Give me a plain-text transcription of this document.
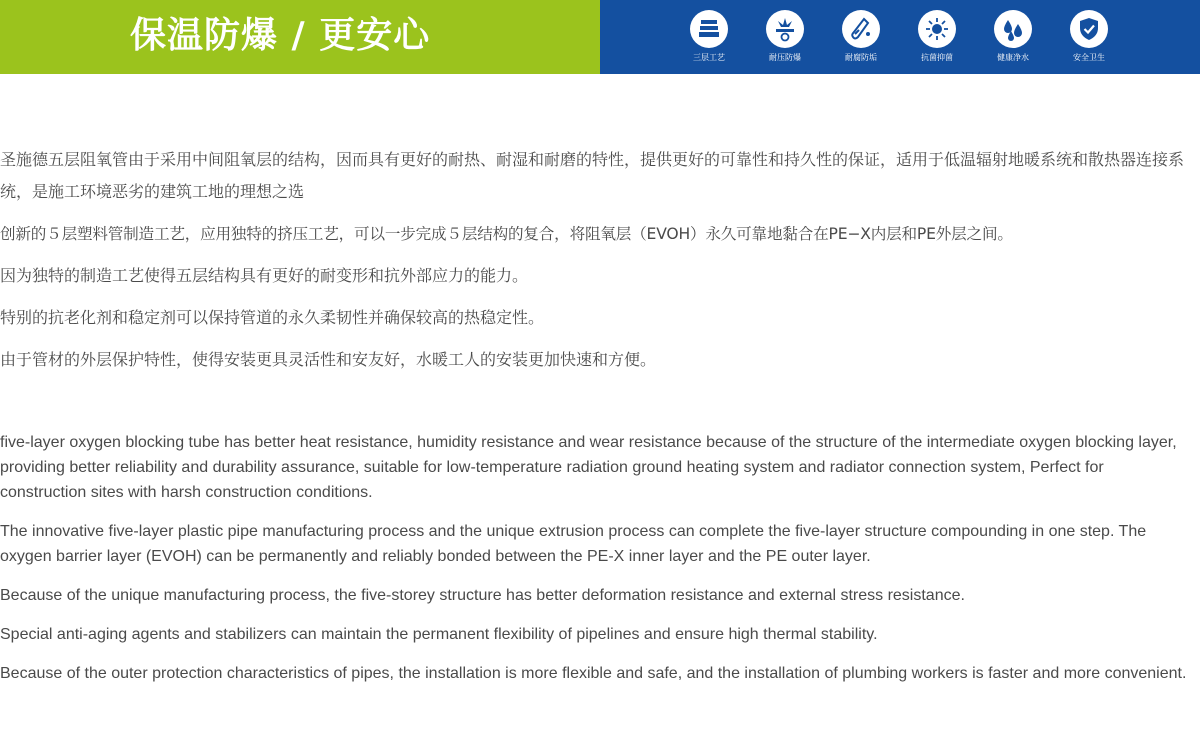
保温防爆 / 更安心
三层工艺	耐压防爆	耐腐防垢	抗菌抑菌	健康净水	安全卫生

圣施德五层阻氧管由于采用中间阻氧层的结构，因而具有更好的耐热、耐湿和耐磨的特性，提供更好的可靠性和持久性的保证，适用于低温辐射地暖系统和散热器连接系统，是施工环境恶劣的建筑工地的理想之选

创新的５层塑料管制造工艺，应用独特的挤压工艺，可以一步完成５层结构的复合，将阻氧层（EVOH）永久可靠地黏合在PE−X内层和PE外层之间。

因为独特的制造工艺使得五层结构具有更好的耐变形和抗外部应力的能力。

特别的抗老化剂和稳定剂可以保持管道的永久柔韧性并确保较高的热稳定性。

由于管材的外层保护特性，使得安装更具灵活性和安友好，水暖工人的安装更加快速和方便。

five-layer oxygen blocking tube has better heat resistance, humidity resistance and wear resistance because of the structure of the intermediate oxygen blocking layer, providing better reliability and durability assurance, suitable for low-temperature radiation ground heating system and radiator connection system, Perfect for construction sites with harsh construction conditions.

The innovative five-layer plastic pipe manufacturing process and the unique extrusion process can complete the five-layer structure compounding in one step. The oxygen barrier layer (EVOH) can be permanently and reliably bonded between the PE-X inner layer and the PE outer layer.

Because of the unique manufacturing process, the five-storey structure has better deformation resistance and external stress resistance.

Special anti-aging agents and stabilizers can maintain the permanent flexibility of pipelines and ensure high thermal stability.

Because of the outer protection characteristics of pipes, the installation is more flexible and safe, and the installation of plumbing workers is faster and more convenient.
